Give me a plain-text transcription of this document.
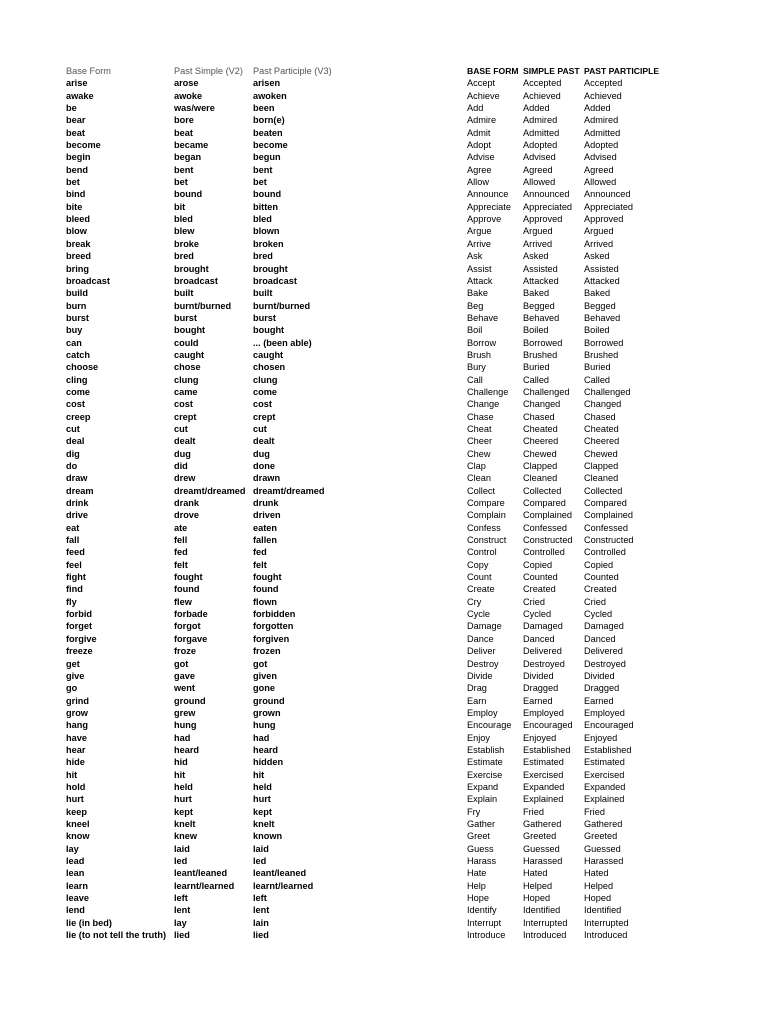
Base Form	Past Simple (V2)	Past Participle (V3)
arise	arose	arisen
awake	awoke	awoken
be	was/were	been
bear	bore	born(e)
beat	beat	beaten
become	became	become
begin	began	begun
bend	bent	bent
bet	bet	bet
bind	bound	bound
bite	bit	bitten
bleed	bled	bled
blow	blew	blown
break	broke	broken
breed	bred	bred
bring	brought	brought
broadcast	broadcast	broadcast
build	built	built
burn	burnt/burned	burnt/burned
burst	burst	burst
buy	bought	bought
can	could	... (been able)
catch	caught	caught
choose	chose	chosen
cling	clung	clung
come	came	come
cost	cost	cost
creep	crept	crept
cut	cut	cut
deal	dealt	dealt
dig	dug	dug
do	did	done
draw	drew	drawn
dream	dreamt/dreamed	dreamt/dreamed
drink	drank	drunk
drive	drove	driven
eat	ate	eaten
fall	fell	fallen
feed	fed	fed
feel	felt	felt
fight	fought	fought
find	found	found
fly	flew	flown
forbid	forbade	forbidden
forget	forgot	forgotten
forgive	forgave	forgiven
freeze	froze	frozen
get	got	got
give	gave	given
go	went	gone
grind	ground	ground
grow	grew	grown
hang	hung	hung
have	had	had
hear	heard	heard
hide	hid	hidden
hit	hit	hit
hold	held	held
hurt	hurt	hurt
keep	kept	kept
kneel	knelt	knelt
know	knew	known
lay	laid	laid
lead	led	led
lean	leant/leaned	leant/leaned
learn	learnt/learned	learnt/learned
leave	left	left
lend	lent	lent
lie (in bed)	lay	lain
lie (to not tell the truth)	lied	lied
BASE FORM	SIMPLE PAST	PAST PARTICIPLE
Accept	Accepted	Accepted
Achieve	Achieved	Achieved
Add	Added	Added
Admire	Admired	Admired
Admit	Admitted	Admitted
Adopt	Adopted	Adopted
Advise	Advised	Advised
Agree	Agreed	Agreed
Allow	Allowed	Allowed
Announce	Announced	Announced
Appreciate	Appreciated	Appreciated
Approve	Approved	Approved
Argue	Argued	Argued
Arrive	Arrived	Arrived
Ask	Asked	Asked
Assist	Assisted	Assisted
Attack	Attacked	Attacked
Bake	Baked	Baked
Beg	Begged	Begged
Behave	Behaved	Behaved
Boil	Boiled	Boiled
Borrow	Borrowed	Borrowed
Brush	Brushed	Brushed
Bury	Buried	Buried
Call	Called	Called
Challenge	Challenged	Challenged
Change	Changed	Changed
Chase	Chased	Chased
Cheat	Cheated	Cheated
Cheer	Cheered	Cheered
Chew	Chewed	Chewed
Clap	Clapped	Clapped
Clean	Cleaned	Cleaned
Collect	Collected	Collected
Compare	Compared	Compared
Complain	Complained	Complained
Confess	Confessed	Confessed
Construct	Constructed	Constructed
Control	Controlled	Controlled
Copy	Copied	Copied
Count	Counted	Counted
Create	Created	Created
Cry	Cried	Cried
Cycle	Cycled	Cycled
Damage	Damaged	Damaged
Dance	Danced	Danced
Deliver	Delivered	Delivered
Destroy	Destroyed	Destroyed
Divide	Divided	Divided
Drag	Dragged	Dragged
Earn	Earned	Earned
Employ	Employed	Employed
Encourage	Encouraged	Encouraged
Enjoy	Enjoyed	Enjoyed
Establish	Established	Established
Estimate	Estimated	Estimated
Exercise	Exercised	Exercised
Expand	Expanded	Expanded
Explain	Explained	Explained
Fry	Fried	Fried
Gather	Gathered	Gathered
Greet	Greeted	Greeted
Guess	Guessed	Guessed
Harass	Harassed	Harassed
Hate	Hated	Hated
Help	Helped	Helped
Hope	Hoped	Hoped
Identify	Identified	Identified
Interrupt	Interrupted	Interrupted
Introduce	Introduced	Introduced
